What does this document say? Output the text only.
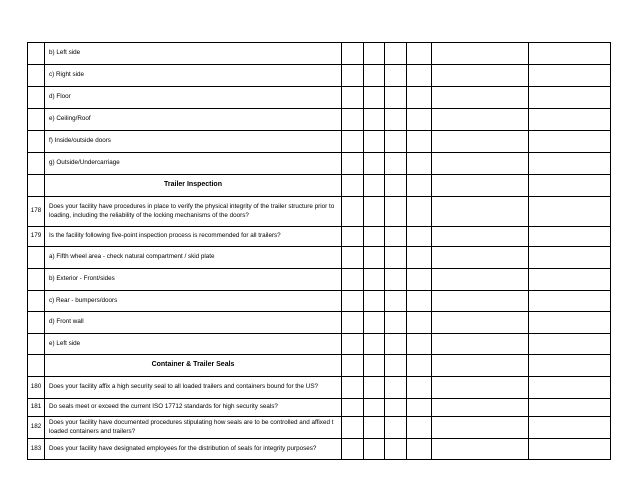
	b) Left side						
	c) Right side						
	d) Floor						
	e) Ceiling/Roof						
	f) Inside/outside doors						
	g) Outside/Undercarriage						
	Trailer Inspection						
178	Does your facility have procedures in place to verify the physical integrity of the trailer structure prior to loading, including the reliability of the locking mechanisms of the doors?						
179	Is the facility following five-point inspection process is recommended for all trailers?						
	a) Fifth wheel area - check natural compartment / skid plate						
	b) Exterior - Front/sides						
	c) Rear - bumpers/doors						
	d) Front wall						
	e) Left side						
	Container & Trailer Seals						
180	Does your facility affix a high security seal to all loaded trailers and containers bound for the US?						
181	Do seals meet or exceed the current ISO 17712 standards for high security seals?						
182	Does your facility have documented procedures stipulating how seals are to be controlled and affixed t loaded containers and trailers?						
183	Does your facility have designated employees for the distribution of seals for integrity purposes?						
